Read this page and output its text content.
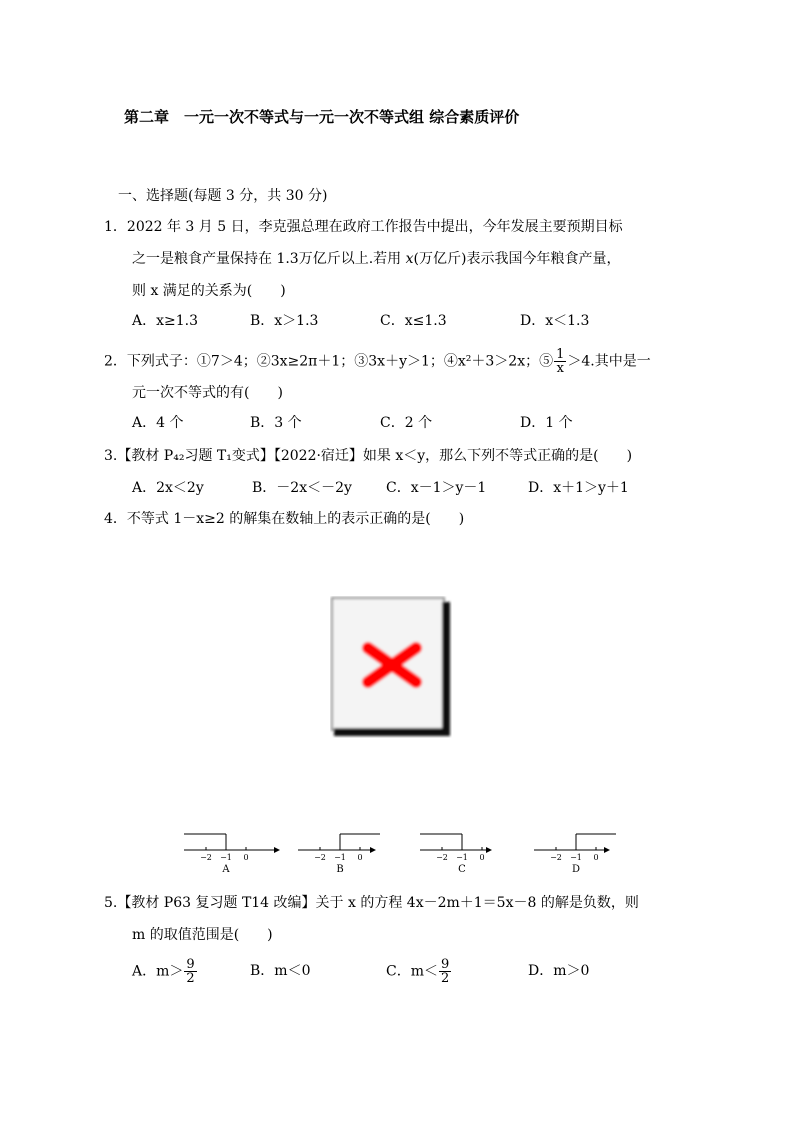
第二章　一元一次不等式与一元一次不等式组 综合素质评价
一、选择题(每题 3 分，共 30 分)
1．2022 年 3 月 5 日，李克强总理在政府工作报告中提出，今年发展主要预期目标
之一是粮食产量保持在 1.3万亿斤以上.若用 x(万亿斤)表示我国今年粮食产量，
则 x 满足的关系为(　　)
A．x≥1.3	B．x＞1.3	C．x≤1.3	D．x＜1.3
2．下列式子：①7＞4；②3x≥2π＋1；③3x＋y＞1；④x²＋3＞2x；⑤ $\frac{1}{x} >4$.其中是一
元一次不等式的有(　　)
A．4 个	B．3 个	C．2 个	D．1 个
3.【教材 P₄₂习题 T₁变式】【2022·宿迁】如果 x＜y，那么下列不等式正确的是(　　)
A．2x＜2y	B．－2x＜－2y C．x－1＞y－1	D．x＋1＞y＋1
4．不等式 1－x≥2 的解集在数轴上的表示正确的是(　　)
−2 −1 0
A
−2 −1 0
B
−2 −1 0
C
−2 −1 0
D
5.【教材 P63 复习题 T14 改编】关于 x 的方程 4x－2m＋1＝5x－8 的解是负数，则
m 的取值范围是(　　)
A．$m> \frac{9}{2}$	B．m＜0	C．$m< \frac{9}{2}$	D．m＞0
